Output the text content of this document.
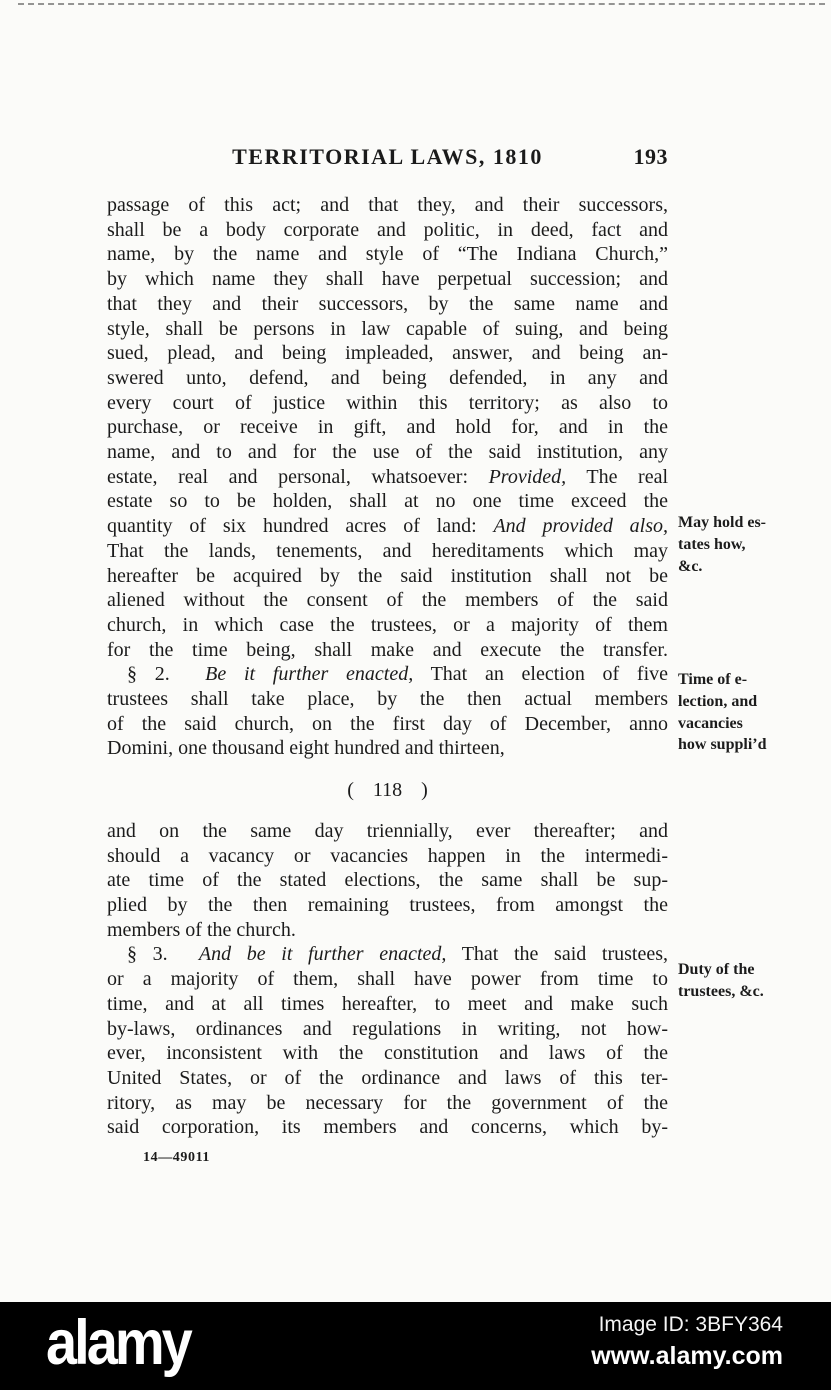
TERRITORIAL LAWS, 1810	193
passage of this act; and that they, and their successors,
shall be a body corporate and politic, in deed, fact and
name, by the name and style of “The Indiana Church,”
by which name they shall have perpetual succession; and
that they and their successors, by the same name and
style, shall be persons in law capable of suing, and being
sued, plead, and being impleaded, answer, and being an-
swered unto, defend, and being defended, in any and
every court of justice within this territory; as also to
purchase, or receive in gift, and hold for, and in the
name, and to and for the use of the said institution, any
estate, real and personal, whatsoever: Provided, The real
estate so to be holden, shall at no one time exceed the
quantity of six hundred acres of land: And provided also,
That the lands, tenements, and hereditaments which may
hereafter be acquired by the said institution shall not be
aliened without the consent of the members of the said
church, in which case the trustees, or a majority of them
for the time being, shall make and execute the transfer.
§ 2.  Be it further enacted, That an election of five
trustees shall take place, by the then actual members
of the said church, on the first day of December, anno
Domini, one thousand eight hundred and thirteen,
( 118 )
and on the same day triennially, ever thereafter; and
should a vacancy or vacancies happen in the intermedi-
ate time of the stated elections, the same shall be sup-
plied by the then remaining trustees, from amongst the
members of the church.
§ 3.  And be it further enacted, That the said trustees,
or a majority of them, shall have power from time to
time, and at all times hereafter, to meet and make such
by-laws, ordinances and regulations in writing, not how-
ever, inconsistent with the constitution and laws of the
United States, or of the ordinance and laws of this ter-
ritory, as may be necessary for the government of the
said corporation, its members and concerns, which by-
May hold es-
tates how,
&c.
Time of e-
lection, and
vacancies
how suppli’d
Duty of the
trustees, &c.
14—49011
alamy	Image ID: 3BFY364
www.alamy.com
